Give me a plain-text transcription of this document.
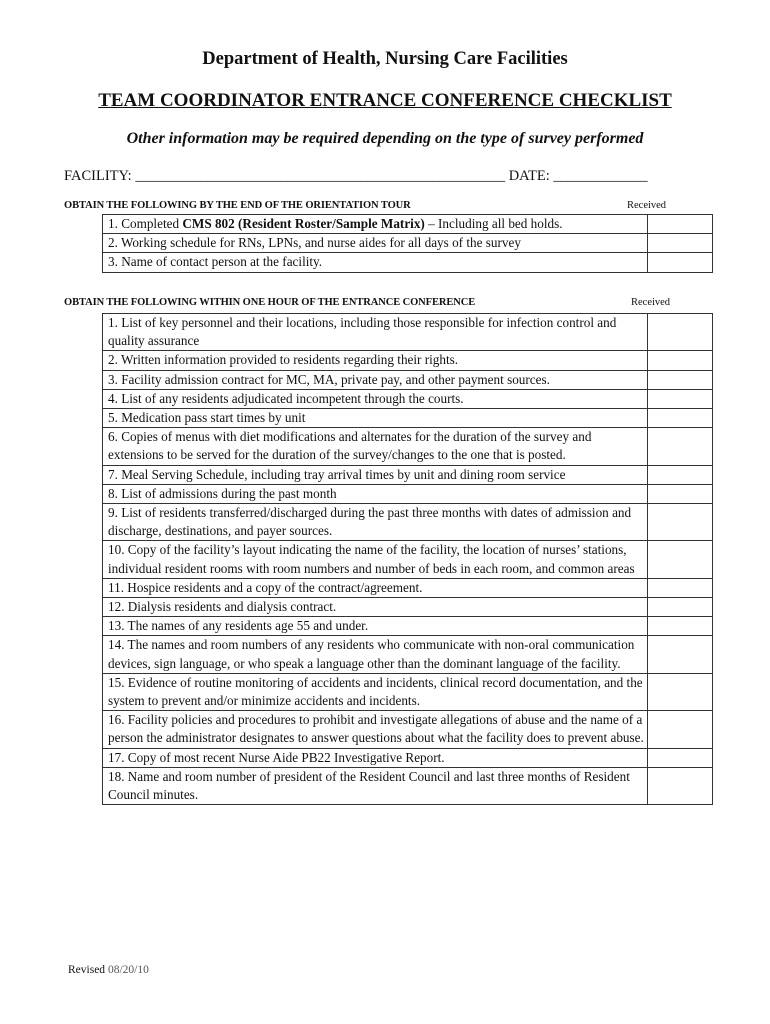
Department of Health, Nursing Care Facilities
TEAM COORDINATOR ENTRANCE CONFERENCE CHECKLIST
Other information may be required depending on the type of survey performed
FACILITY: ___________________________________________________ DATE: _____________
OBTAIN THE FOLLOWING BY THE END OF THE ORIENTATION TOUR	Received
	1. Completed CMS 802 (Resident Roster/Sample Matrix) – Including all bed holds.	
	2. Working schedule for RNs, LPNs, and nurse aides for all days of the survey	
	3. Name of contact person at the facility.	
OBTAIN THE FOLLOWING WITHIN ONE HOUR OF THE ENTRANCE CONFERENCE	Received
	1. List of key personnel and their locations, including those responsible for infection control and quality assurance	
	2. Written information provided to residents regarding their rights.	
	3. Facility admission contract for MC, MA, private pay, and other payment sources.	
	4. List of any residents adjudicated incompetent through the courts.	
	5. Medication pass start times by unit	
	6. Copies of menus with diet modifications and alternates for the duration of the survey and extensions to be served for the duration of the survey/changes to the one that is posted.	
	7. Meal Serving Schedule, including tray arrival times by unit and dining room service	
	8. List of admissions during the past month	
	9. List of residents transferred/discharged during the past three months with dates of admission and discharge, destinations, and payer sources.	
	10. Copy of the facility’s layout indicating the name of the facility, the location of nurses’ stations, individual resident rooms with room numbers and number of beds in each room, and common areas	
	11. Hospice residents and a copy of the contract/agreement.	
	12. Dialysis residents and dialysis contract.	
	13. The names of any residents age 55 and under.	
	14. The names and room numbers of any residents who communicate with non-oral communication devices, sign language, or who speak a language other than the dominant language of the facility.	
	15. Evidence of routine monitoring of accidents and incidents, clinical record documentation, and the system to prevent and/or minimize accidents and incidents.	
	16. Facility policies and procedures to prohibit and investigate allegations of abuse and the name of a person the administrator designates to answer questions about what the facility does to prevent abuse.	
	17. Copy of most recent Nurse Aide PB22 Investigative Report.	
	18. Name and room number of president of the Resident Council and last three months of Resident Council minutes.	
Revised 08/20/10
